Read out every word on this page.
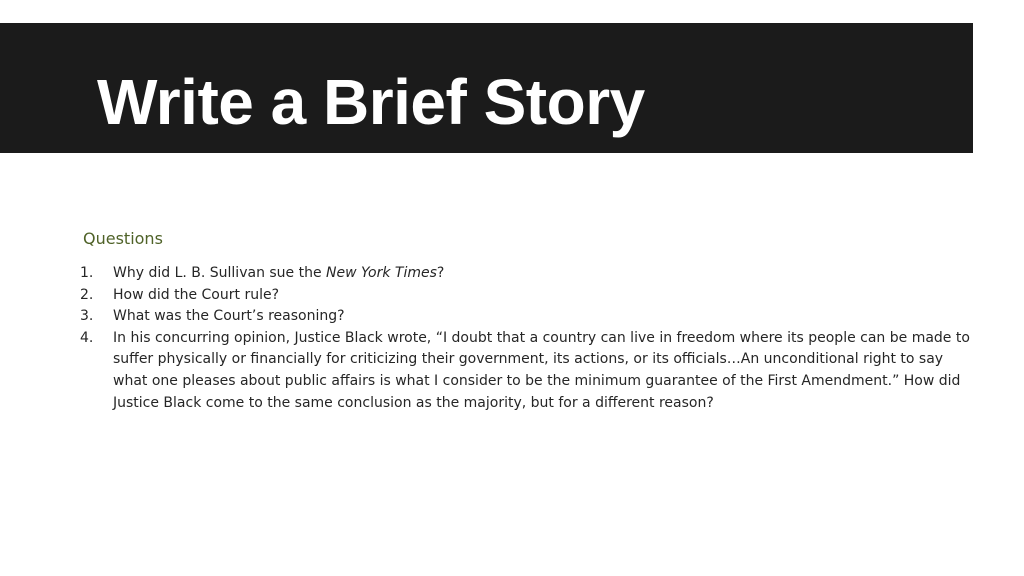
Write a Brief Story
Questions
1. Why did L. B. Sullivan sue the New York Times?
2. How did the Court rule?
3. What was the Court’s reasoning?
4. In his concurring opinion, Justice Black wrote, “I doubt that a country can live in freedom where its people can be made to suffer physically or financially for criticizing their government, its actions, or its officials…An unconditional right to say what one pleases about public affairs is what I consider to be the minimum guarantee of the First Amendment.” How did Justice Black come to the same conclusion as the majority, but for a different reason?
